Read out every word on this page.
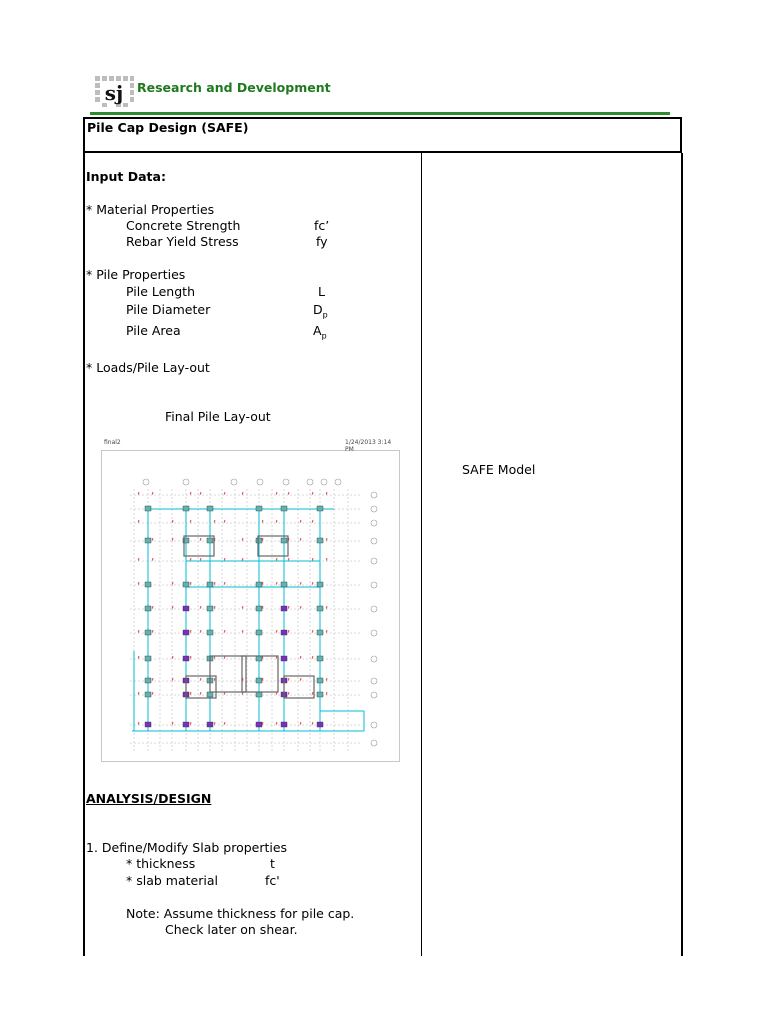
sj Research and Development
Pile Cap Design (SAFE)
Input Data:
* Material Properties
Concrete Strength	fc’
Rebar Yield Stress	fy
* Pile Properties
Pile Length	L
Pile Diameter	$D_p$
Pile Area	$A_p$
* Loads/Pile Lay-out
Final Pile Lay-out
final2	1/24/2013 3:14 PM
ᵲ ᵲ	ᵲ ᵲ	ᵲ	ᵲ	ᵲ ᵲ	ᵲ ᵲ
ᵲ	ᵲ	ᵲ	ᵲ ᵲ	ᵲ ᵲ	ᵲ ᵲ
ᵲ	ᵲ	ᵲ ᵲ	ᵲ	ᵲ	ᵲ ᵲ	ᵲ
ᵲ ᵲ	ᵲ ᵲ	ᵲ	ᵲ	ᵲ ᵲ	ᵲ ᵲ
ᵲ	ᵲ	ᵲ	ᵲ ᵲ	ᵲ ᵲ	ᵲ ᵲ
ᵲ	ᵲ	ᵲ ᵲ	ᵲ	ᵲ	ᵲ ᵲ	ᵲ
ᵲ ᵲ	ᵲ ᵲ	ᵲ	ᵲ	ᵲ ᵲ	ᵲ ᵲ
ᵲ	ᵲ	ᵲ	ᵲ ᵲ	ᵲ ᵲ	ᵲ ᵲ
ᵲ	ᵲ	ᵲ ᵲ	ᵲ	ᵲ	ᵲ ᵲ	ᵲ
ᵲ ᵲ	ᵲ ᵲ	ᵲ	ᵲ	ᵲ ᵲ	ᵲ ᵲ
ᵲ	ᵲ	ᵲ	ᵲ ᵲ	ᵲ ᵲ	ᵲ ᵲ
SAFE Model
ANALYSIS/DESIGN
1. Define/Modify Slab properties
* thickness	t
* slab material	fc'
Note: Assume thickness for pile cap.
Check later on shear.
